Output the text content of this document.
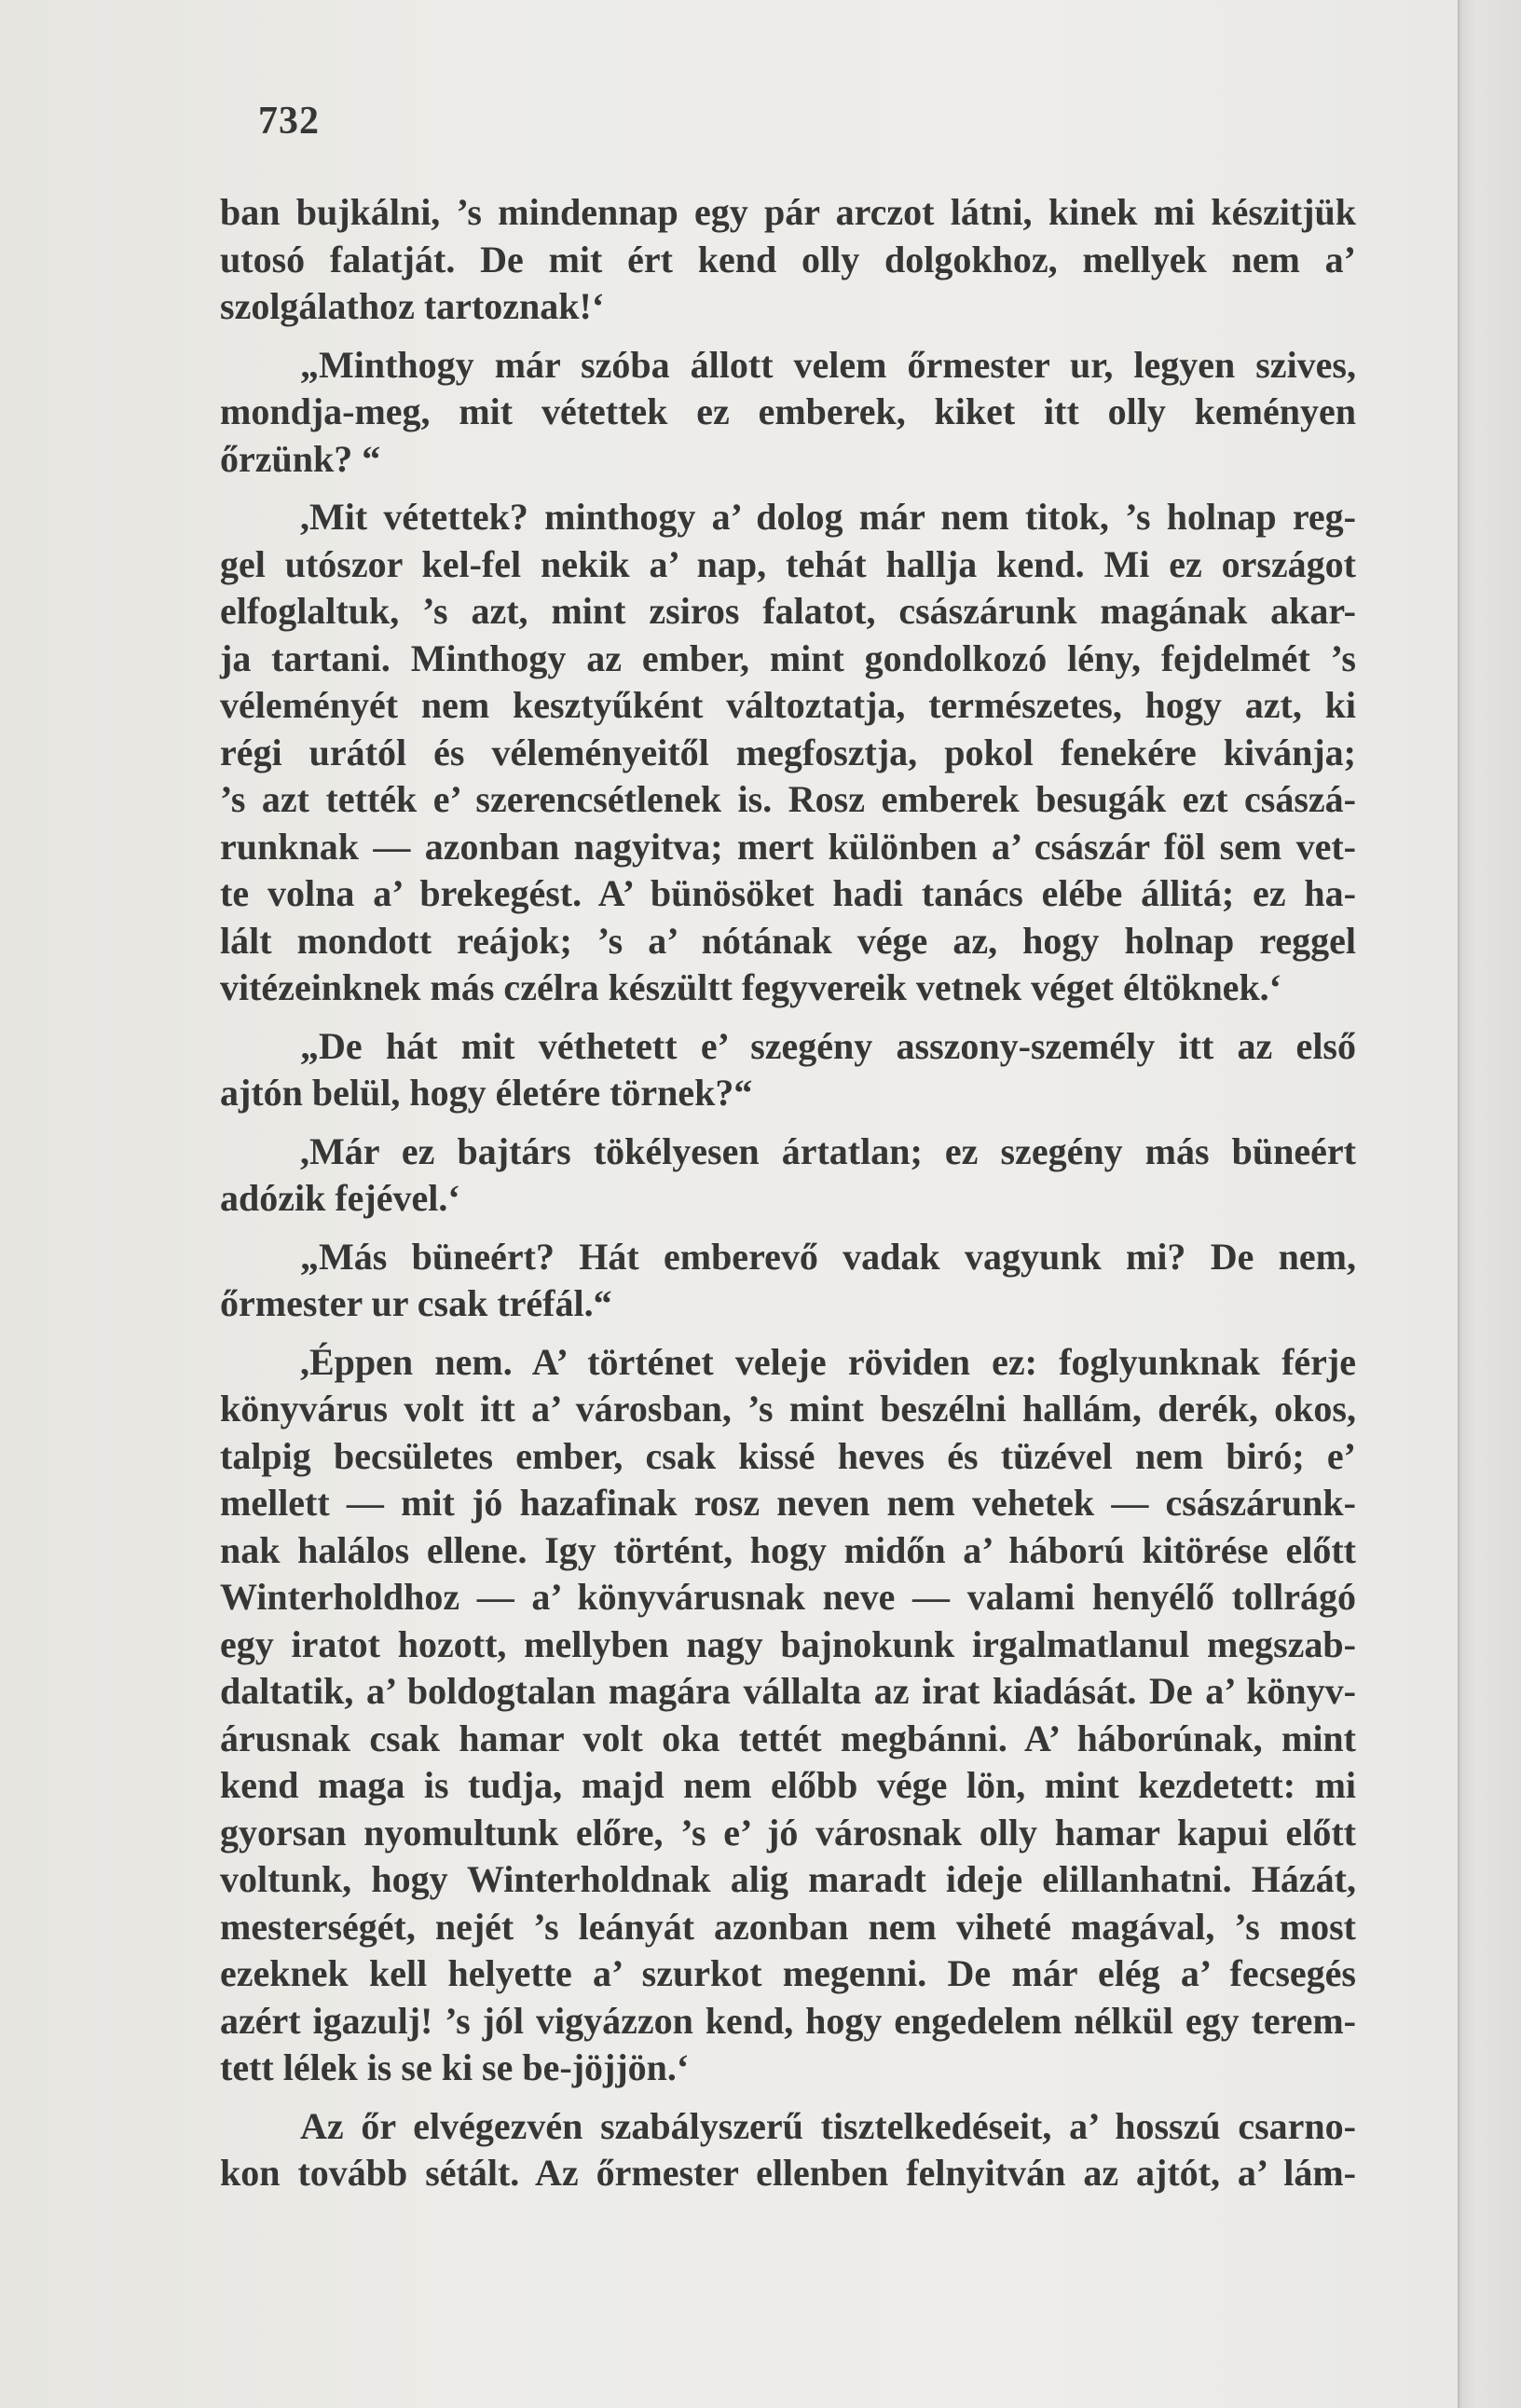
732
ban bujkálni, ’s mindennap egy pár arczot látni, kinek mi készitjük
utosó falatját. De mit ért kend olly dolgokhoz, mellyek nem a’
szolgálathoz tartoznak!‘
„Minthogy már szóba állott velem őrmester ur, legyen szives,
mondja-meg, mit vétettek ez emberek, kiket itt olly keményen
őrzünk? “
,Mit vétettek? minthogy a’ dolog már nem titok, ’s holnap reg-
gel utószor kel-fel nekik a’ nap, tehát hallja kend. Mi ez országot
elfoglaltuk, ’s azt, mint zsiros falatot, császárunk magának akar-
ja tartani. Minthogy az ember, mint gondolkozó lény, fejdelmét ’s
véleményét nem kesztyűként változtatja, természetes, hogy azt, ki
régi urától és véleményeitől megfosztja, pokol fenekére kivánja;
’s azt tették e’ szerencsétlenek is. Rosz emberek besugák ezt császá-
runknak — azonban nagyitva; mert különben a’ császár föl sem vet-
te volna a’ brekegést. A’ bünösöket hadi tanács elébe állitá; ez ha-
lált mondott reájok; ’s a’ nótának vége az, hogy holnap reggel
vitézeinknek más czélra készültt fegyvereik vetnek véget éltöknek.‘
„De hát mit véthetett e’ szegény asszony-személy itt az első
ajtón belül, hogy életére törnek?“
,Már ez bajtárs tökélyesen ártatlan; ez szegény más büneért
adózik fejével.‘
„Más büneért? Hát emberevő vadak vagyunk mi? De nem,
őrmester ur csak tréfál.“
,Éppen nem. A’ történet veleje röviden ez: foglyunknak férje
könyvárus volt itt a’ városban, ’s mint beszélni hallám, derék, okos,
talpig becsületes ember, csak kissé heves és tüzével nem biró; e’
mellett — mit jó hazafinak rosz neven nem vehetek — császárunk-
nak halálos ellene. Igy történt, hogy midőn a’ háború kitörése előtt
Winterholdhoz — a’ könyvárusnak neve — valami henyélő tollrágó
egy iratot hozott, mellyben nagy bajnokunk irgalmatlanul megszab-
daltatik, a’ boldogtalan magára vállalta az irat kiadását. De a’ könyv-
árusnak csak hamar volt oka tettét megbánni. A’ háborúnak, mint
kend maga is tudja, majd nem előbb vége lön, mint kezdetett: mi
gyorsan nyomultunk előre, ’s e’ jó városnak olly hamar kapui előtt
voltunk, hogy Winterholdnak alig maradt ideje elillanhatni. Házát,
mesterségét, nejét ’s leányát azonban nem viheté magával, ’s most
ezeknek kell helyette a’ szurkot megenni. De már elég a’ fecsegés
azért igazulj! ’s jól vigyázzon kend, hogy engedelem nélkül egy terem-
tett lélek is se ki se be-jöjjön.‘
Az őr elvégezvén szabályszerű tisztelkedéseit, a’ hosszú csarno-
kon tovább sétált. Az őrmester ellenben felnyitván az ajtót, a’ lám-
